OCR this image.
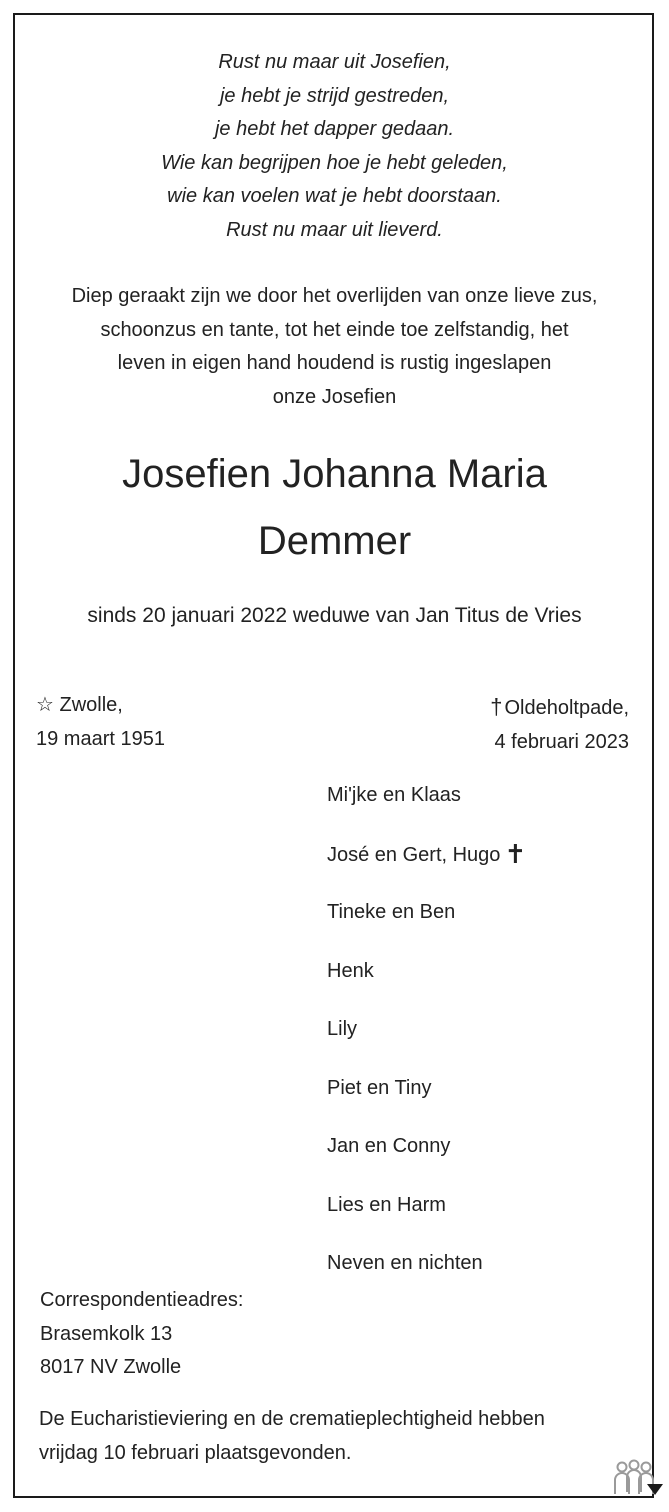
Rust nu maar uit Josefien,
je hebt je strijd gestreden,
je hebt het dapper gedaan.
Wie kan begrijpen hoe je hebt geleden,
wie kan voelen wat je hebt doorstaan.
Rust nu maar uit lieverd.
Diep geraakt zijn we door het overlijden van onze lieve zus,
schoonzus en tante, tot het einde toe zelfstandig, het
leven in eigen hand houdend is rustig ingeslapen
onze Josefien
Josefien Johanna Maria
Demmer
sinds 20 januari 2022 weduwe van Jan Titus de Vries
☆ Zwolle,
19 maart 1951
† Oldeholtpade,
4 februari 2023
Mi'jke en Klaas
José en Gert, Hugo ✝
Tineke en Ben
Henk
Lily
Piet en Tiny
Jan en Conny
Lies en Harm
Neven en nichten
Correspondentieadres:
Brasemkolk 13
8017 NV Zwolle
De Eucharistieviering en de crematieplechtigheid hebben
vrijdag 10 februari plaatsgevonden.
